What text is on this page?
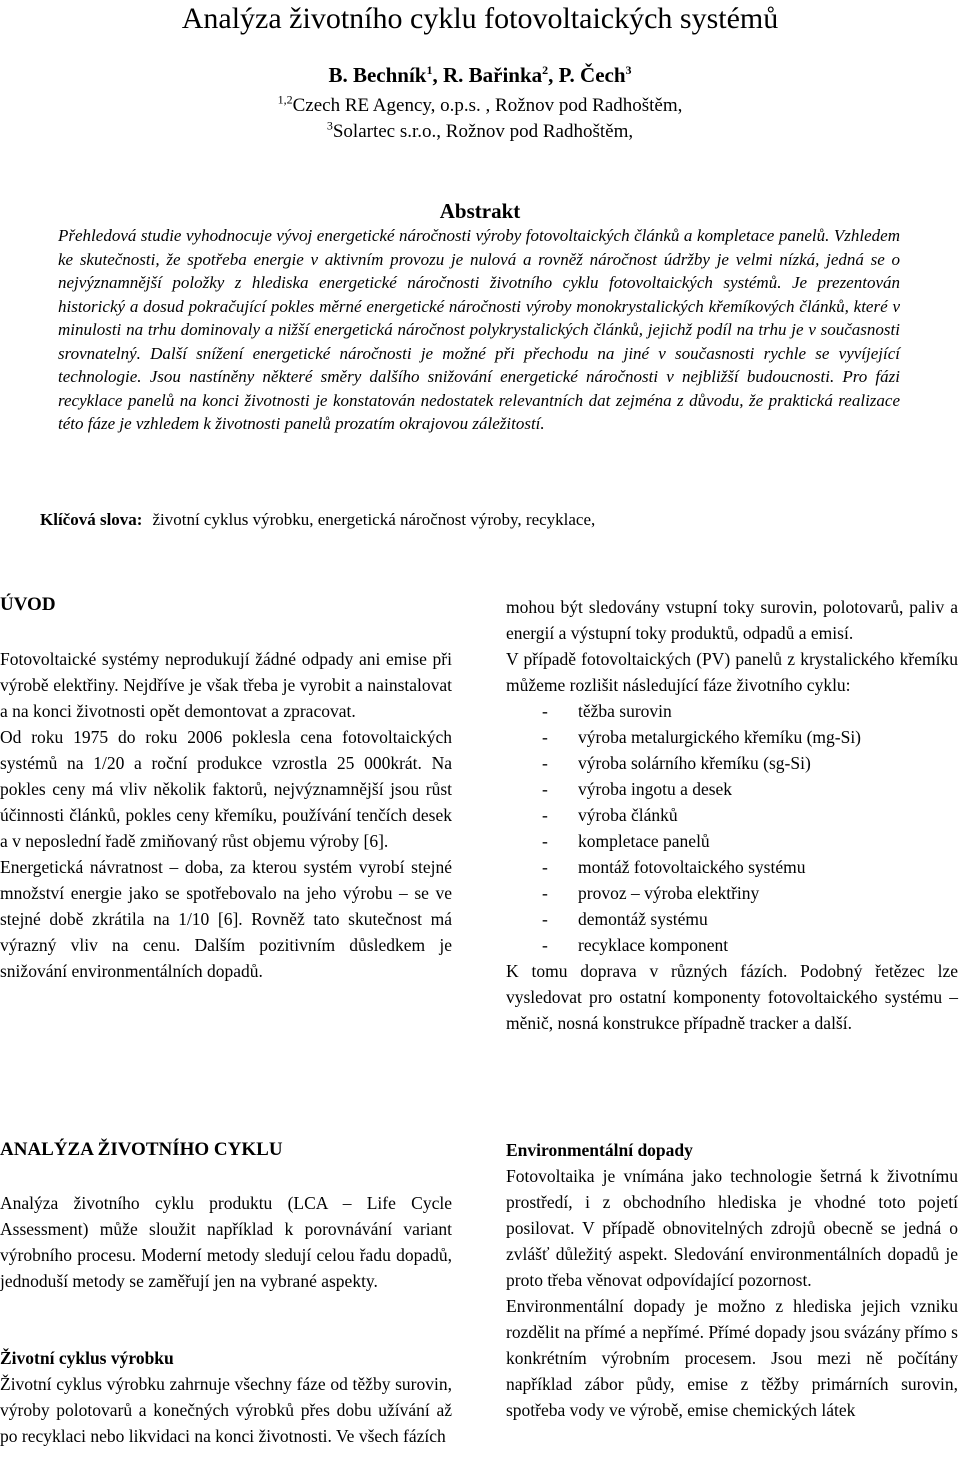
Analýza životního cyklu fotovoltaických systémů
B. Bechník$^1$, R. Bařinka$^2$, P. Čech$^3$
$^{1,2}$Czech RE Agency, o.p.s. , Rožnov pod Radhoštěm,
$^3$Solartec s.r.o., Rožnov pod Radhoštěm,
Abstrakt

Přehledová studie vyhodnocuje vývoj energetické náročnosti výroby fotovoltaických článků a kompletace panelů. Vzhledem ke skutečnosti, že spotřeba energie v aktivním provozu je nulová a rovněž náročnost údržby je velmi nízká, jedná se o nejvýznamnější položky z hlediska energetické náročnosti životního cyklu fotovoltaických systémů. Je prezentován historický a dosud pokračující pokles měrné energetické náročnosti výroby monokrystalických křemíkových článků, které v minulosti na trhu dominovaly a nižší energetická náročnost polykrystalických článků, jejichž podíl na trhu je v současnosti srovnatelný. Další snížení energetické náročnosti je možné při přechodu na jiné v současnosti rychle se vyvíjející technologie. Jsou nastíněny některé směry dalšího snižování energetické náročnosti v nejbližší budoucnosti. Pro fázi recyklace panelů na konci životnosti je konstatován nedostatek relevantních dat zejména z důvodu, že praktická realizace této fáze je vzhledem k životnosti panelů prozatím okrajovou záležitostí.

Klíčová slova: životní cyklus výrobku, energetická náročnost výroby, recyklace,
ÚVOD

Fotovoltaické systémy neprodukují žádné odpady ani emise při výrobě elektřiny. Nejdříve je však třeba je vyrobit a nainstalovat a na konci životnosti opět demontovat a zpracovat.

Od roku 1975 do roku 2006 poklesla cena fotovoltaických systémů na 1/20 a roční produkce vzrostla 25 000krát. Na pokles ceny má vliv několik faktorů, nejvýznamnější jsou růst účinnosti článků, pokles ceny křemíku, používání tenčích desek a v neposlední řadě zmiňovaný růst objemu výroby [6].

Energetická návratnost – doba, za kterou systém vyrobí stejné množství energie jako se spotřebovalo na jeho výrobu – se ve stejné době zkrátila na 1/10 [6]. Rovněž tato skutečnost má výrazný vliv na cenu. Dalším pozitivním důsledkem je snižování environmentálních dopadů.

ANALÝZA ŽIVOTNÍHO CYKLU

Analýza životního cyklu produktu (LCA – Life Cycle Assessment) může sloužit například k porovnávání variant výrobního procesu. Moderní metody sledují celou řadu dopadů, jednoduší metody se zaměřují jen na vybrané aspekty.

Životní cyklus výrobku

Životní cyklus výrobku zahrnuje všechny fáze od těžby surovin, výroby polotovarů a konečných výrobků přes dobu užívání až po recyklaci nebo likvidaci na konci životnosti. Ve všech fázích

mohou být sledovány vstupní toky surovin, polotovarů, paliv a energií a výstupní toky produktů, odpadů a emisí.

V případě fotovoltaických (PV) panelů z krystalického křemíku můžeme rozlišit následující fáze životního cyklu:

- těžba surovin
- výroba metalurgického křemíku (mg-Si)
- výroba solárního křemíku (sg-Si)
- výroba ingotu a desek
- výroba článků
- kompletace panelů
- montáž fotovoltaického systému
- provoz – výroba elektřiny
- demontáž systému
- recyklace komponent

K tomu doprava v různých fázích. Podobný řetězec lze vysledovat pro ostatní komponenty fotovoltaického systému – měnič, nosná konstrukce případně tracker a další.

Environmentální dopady

Fotovoltaika je vnímána jako technologie šetrná k životnímu prostředí, i z obchodního hlediska je vhodné toto pojetí posilovat. V případě obnovitelných zdrojů obecně se jedná o zvlášť důležitý aspekt. Sledování environmentálních dopadů je proto třeba věnovat odpovídající pozornost.

Environmentální dopady je možno z hlediska jejich vzniku rozdělit na přímé a nepřímé. Přímé dopady jsou svázány přímo s konkrétním výrobním procesem. Jsou mezi ně počítány například zábor půdy, emise z těžby primárních surovin, spotřeba vody ve výrobě, emise chemických látek
